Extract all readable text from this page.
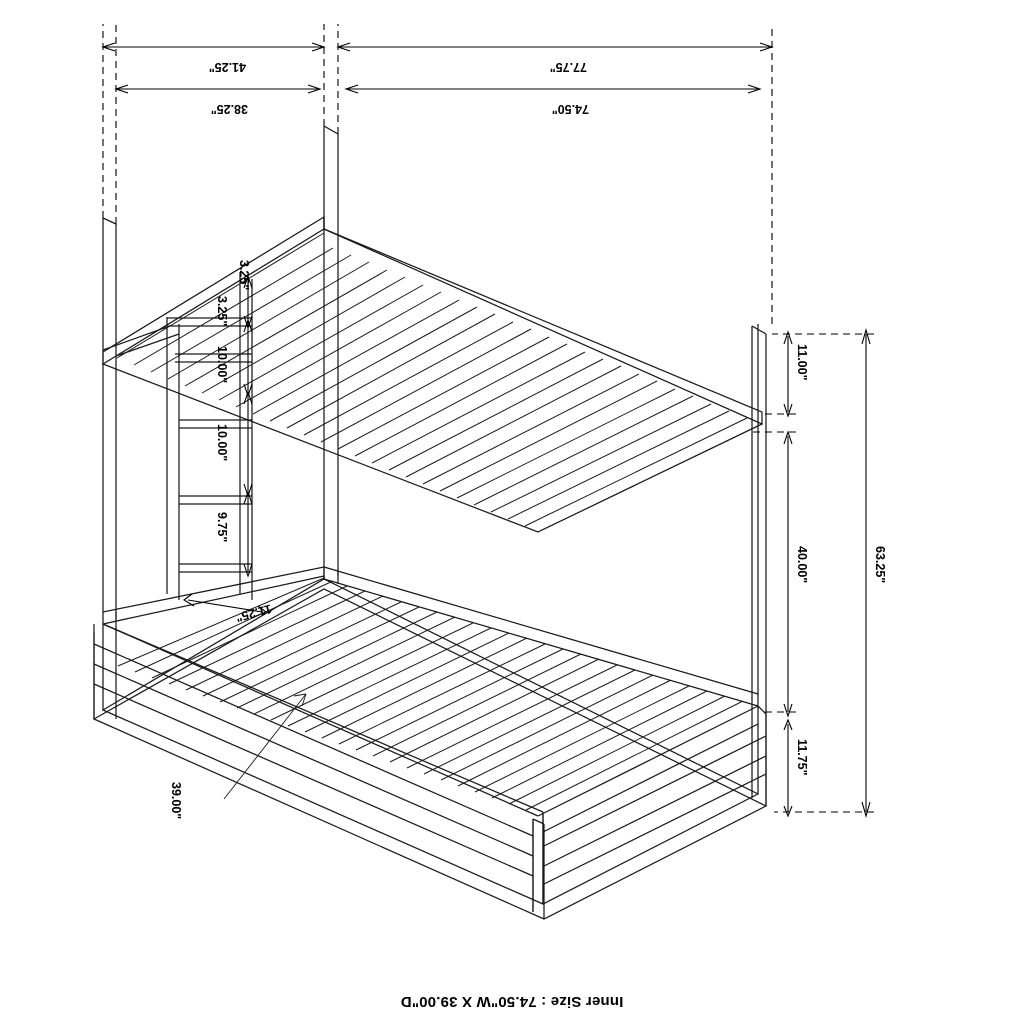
Inner Size : 74.50"W X 39.00"D
11.75"
40.00"	63.25"
11.00"
39.00"
11.25"
9.75"
10.00"
10.00"
3.25"
3.25"
74.50"
38.25"
77.75"
41.25"
